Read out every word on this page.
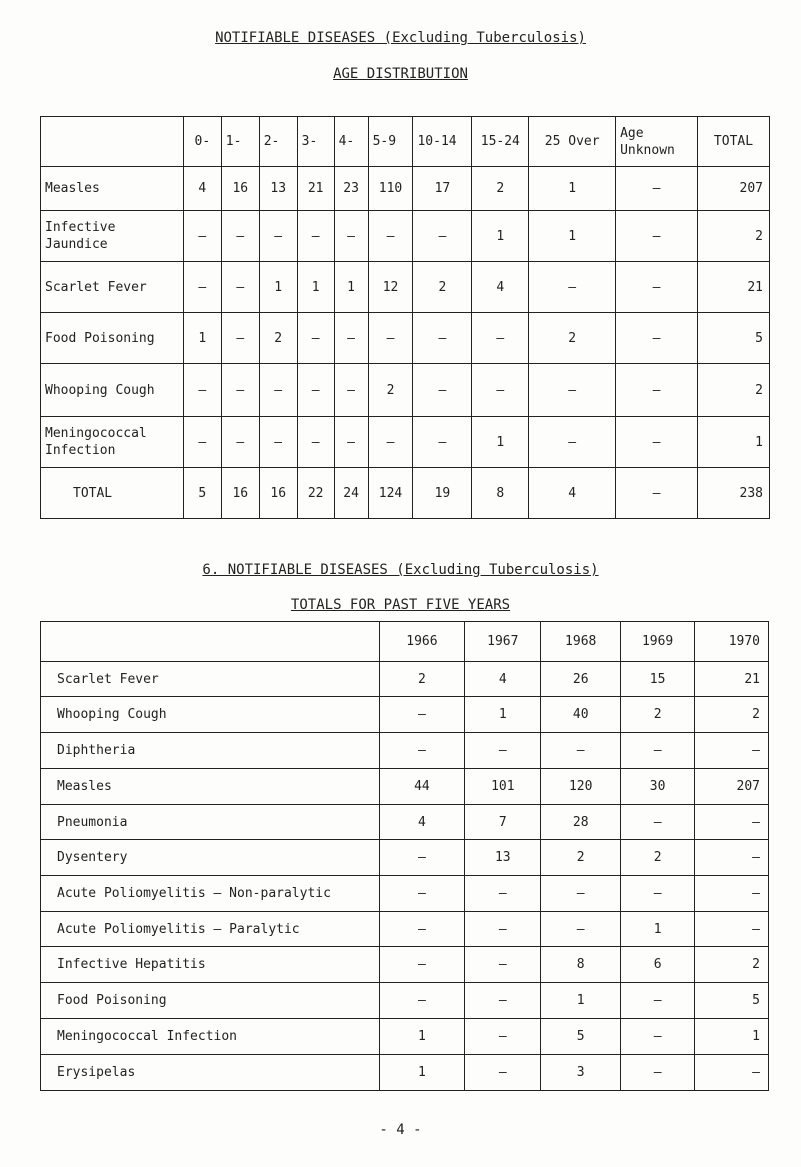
NOTIFIABLE DISEASES (Excluding Tuberculosis)
AGE DISTRIBUTION
	0-	1-	2-	3-	4-	5-9	10-14	15-24	25 Over	Age Unknown	TOTAL
Measles	4	16	13	21	23	110	17	2	1	–	207
Infective Jaundice	–	–	–	–	–	–	–	1	1	–	2
Scarlet Fever	–	–	1	1	1	12	2	4	–	–	21
Food Poisoning	1	–	2	–	–	–	–	–	2	–	5
Whooping Cough	–	–	–	–	–	2	–	–	–	–	2
Meningococcal Infection	–	–	–	–	–	–	–	1	–	–	1
TOTAL	5	16	16	22	24	124	19	8	4	–	238
6. NOTIFIABLE DISEASES (Excluding Tuberculosis)
TOTALS FOR PAST FIVE YEARS
	1966	1967	1968	1969	1970
Scarlet Fever	2	4	26	15	21
Whooping Cough	–	1	40	2	2
Diphtheria	–	–	–	–	–
Measles	44	101	120	30	207
Pneumonia	4	7	28	–	–
Dysentery	–	13	2	2	–
Acute Poliomyelitis – Non-paralytic	–	–	–	–	–
Acute Poliomyelitis – Paralytic	–	–	–	1	–
Infective Hepatitis	–	–	8	6	2
Food Poisoning	–	–	1	–	5
Meningococcal Infection	1	–	5	–	1
Erysipelas	1	–	3	–	–
- 4 -
